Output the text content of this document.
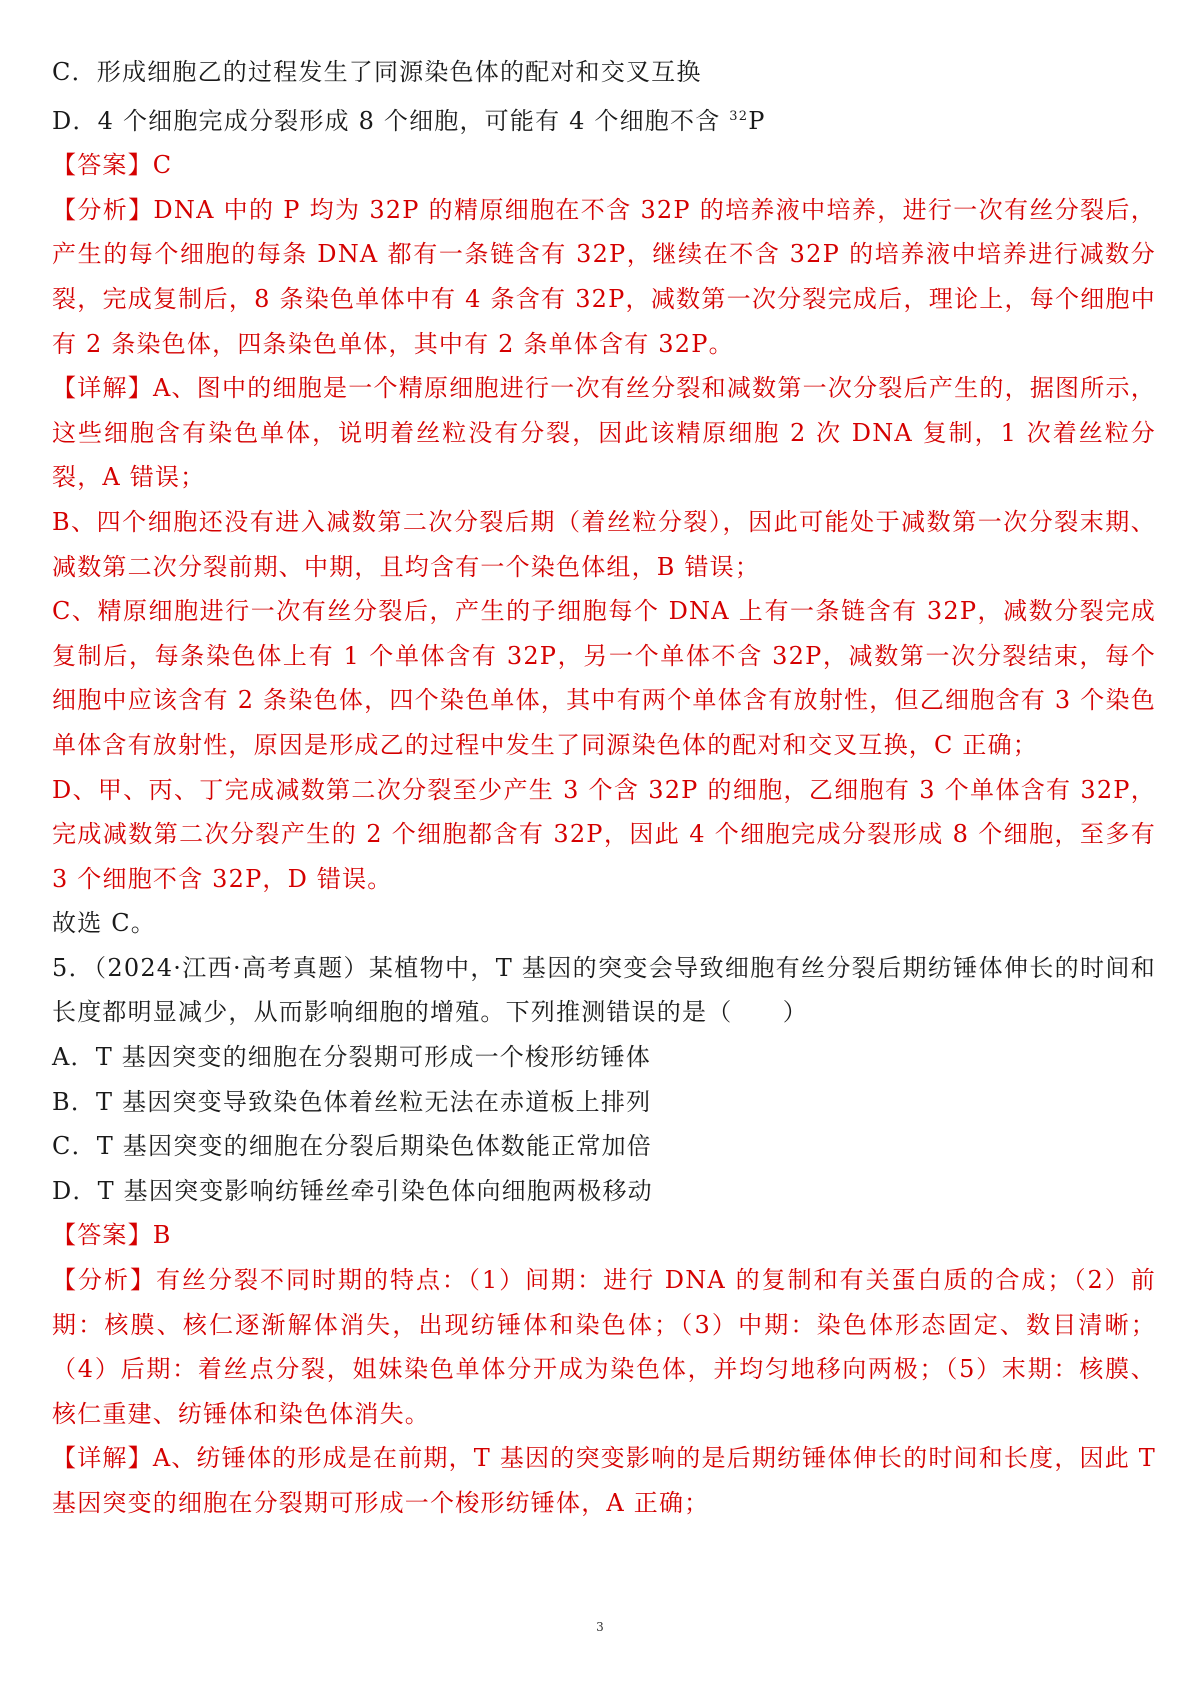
C．形成细胞乙的过程发生了同源染色体的配对和交叉互换

D．4 个细胞完成分裂形成 8 个细胞，可能有 4 个细胞不含 $^{32}$P

【答案】C

【分析】DNA 中的 P 均为 32P 的精原细胞在不含 32P 的培养液中培养，进行一次有丝分裂后，产生的每个细胞的每条 DNA 都有一条链含有 32P，继续在不含 32P 的培养液中培养进行减数分裂，完成复制后，8 条染色单体中有 4 条含有 32P，减数第一次分裂完成后，理论上，每个细胞中有 2 条染色体，四条染色单体，其中有 2 条单体含有 32P。

【详解】A、图中的细胞是一个精原细胞进行一次有丝分裂和减数第一次分裂后产生的，据图所示，这些细胞含有染色单体，说明着丝粒没有分裂，因此该精原细胞 2 次 DNA 复制，1 次着丝粒分裂，A 错误；

B、四个细胞还没有进入减数第二次分裂后期（着丝粒分裂），因此可能处于减数第一次分裂末期、减数第二次分裂前期、中期，且均含有一个染色体组，B 错误；

C、精原细胞进行一次有丝分裂后，产生的子细胞每个 DNA 上有一条链含有 32P，减数分裂完成复制后，每条染色体上有 1 个单体含有 32P，另一个单体不含 32P，减数第一次分裂结束，每个细胞中应该含有 2 条染色体，四个染色单体，其中有两个单体含有放射性，但乙细胞含有 3 个染色单体含有放射性，原因是形成乙的过程中发生了同源染色体的配对和交叉互换，C 正确；

D、甲、丙、丁完成减数第二次分裂至少产生 3 个含 32P 的细胞，乙细胞有 3 个单体含有 32P，完成减数第二次分裂产生的 2 个细胞都含有 32P，因此 4 个细胞完成分裂形成 8 个细胞，至多有 3 个细胞不含 32P，D 错误。

故选 C。

5．（2024·江西·高考真题）某植物中，T 基因的突变会导致细胞有丝分裂后期纺锤体伸长的时间和长度都明显减少，从而影响细胞的增殖。下列推测错误的是（　　）

A．T 基因突变的细胞在分裂期可形成一个梭形纺锤体

B．T 基因突变导致染色体着丝粒无法在赤道板上排列

C．T 基因突变的细胞在分裂后期染色体数能正常加倍

D．T 基因突变影响纺锤丝牵引染色体向细胞两极移动

【答案】B

【分析】有丝分裂不同时期的特点：（1）间期：进行 DNA 的复制和有关蛋白质的合成；（2）前期：核膜、核仁逐渐解体消失，出现纺锤体和染色体；（3）中期：染色体形态固定、数目清晰；（4）后期：着丝点分裂，姐妹染色单体分开成为染色体，并均匀地移向两极；（5）末期：核膜、核仁重建、纺锤体和染色体消失。

【详解】A、纺锤体的形成是在前期，T 基因的突变影响的是后期纺锤体伸长的时间和长度，因此 T 基因突变的细胞在分裂期可形成一个梭形纺锤体，A 正确；

3
